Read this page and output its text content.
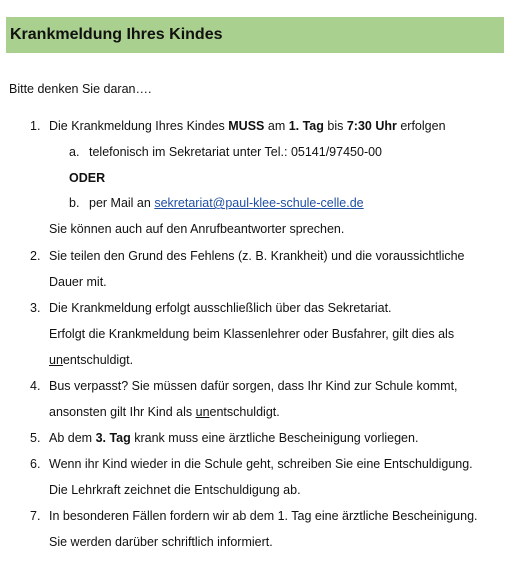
Krankmeldung Ihres Kindes
Bitte denken Sie daran….
1. Die Krankmeldung Ihres Kindes MUSS am 1. Tag bis 7:30 Uhr erfolgen
a. telefonisch im Sekretariat unter Tel.: 05141/97450-00
ODER
b. per Mail an sekretariat@paul-klee-schule-celle.de
Sie können auch auf den Anrufbeantworter sprechen.
2. Sie teilen den Grund des Fehlens (z. B. Krankheit) und die voraussichtliche
Dauer mit.
3. Die Krankmeldung erfolgt ausschließlich über das Sekretariat.
Erfolgt die Krankmeldung beim Klassenlehrer oder Busfahrer, gilt dies als
unentschuldigt.
4. Bus verpasst? Sie müssen dafür sorgen, dass Ihr Kind zur Schule kommt,
ansonsten gilt Ihr Kind als unentschuldigt.
5. Ab dem 3. Tag krank muss eine ärztliche Bescheinigung vorliegen.
6. Wenn ihr Kind wieder in die Schule geht, schreiben Sie eine Entschuldigung.
Die Lehrkraft zeichnet die Entschuldigung ab.
7. In besonderen Fällen fordern wir ab dem 1. Tag eine ärztliche Bescheinigung.
Sie werden darüber schriftlich informiert.
